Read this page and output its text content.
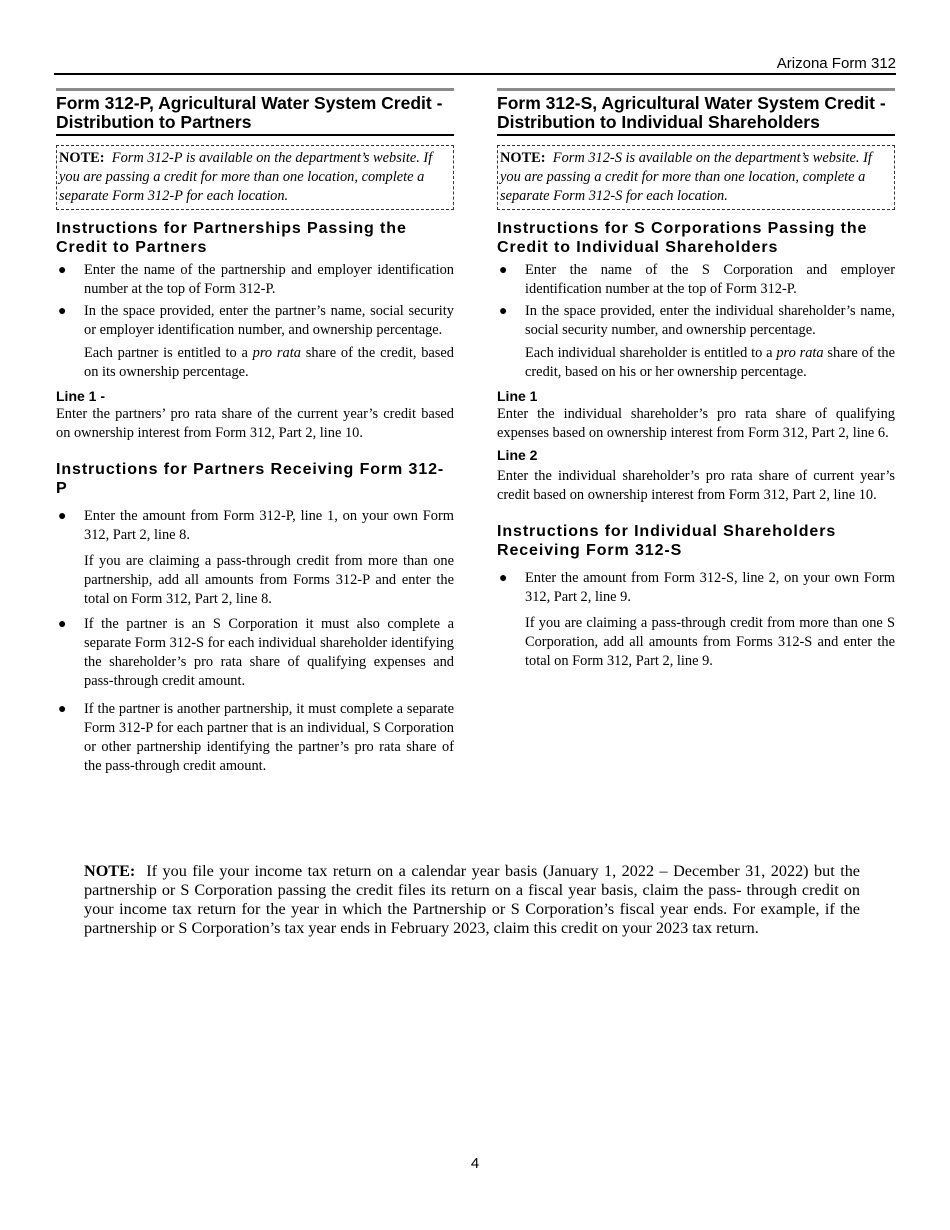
Arizona Form 312
Form 312-P, Agricultural Water System Credit - Distribution to Partners
NOTE: Form 312-P is available on the department’s website. If you are passing a credit for more than one location, complete a separate Form 312-P for each location.
Instructions for Partnerships Passing the Credit to Partners
● Enter the name of the partnership and employer identification number at the top of Form 312-P.
● In the space provided, enter the partner’s name, social security or employer identification number, and ownership percentage.

Each partner is entitled to a pro rata share of the credit, based on its ownership percentage.

Line 1 -

Enter the partners’ pro rata share of the current year’s credit based on ownership interest from Form 312, Part 2, line 10.

Instructions for Partners Receiving Form 312-P
● Enter the amount from Form 312-P, line 1, on your own Form 312, Part 2, line 8.

If you are claiming a pass-through credit from more than one partnership, add all amounts from Forms 312-P and enter the total on Form 312, Part 2, line 8.

● If the partner is an S Corporation it must also complete a separate Form 312-S for each individual shareholder identifying the shareholder’s pro rata share of qualifying expenses and pass-through credit amount.
● If the partner is another partnership, it must complete a separate Form 312-P for each partner that is an individual, S Corporation or other partnership identifying the partner’s pro rata share of the pass-through credit amount.
Form 312-S, Agricultural Water System Credit - Distribution to Individual Shareholders
NOTE: Form 312-S is available on the department’s website. If you are passing a credit for more than one location, complete a separate Form 312-S for each location.
Instructions for S Corporations Passing the Credit to Individual Shareholders
● Enter the name of the S Corporation and employer identification number at the top of Form 312-P.
● In the space provided, enter the individual shareholder’s name, social security number, and ownership percentage.

Each individual shareholder is entitled to a pro rata share of the credit, based on his or her ownership percentage.

Line 1

Enter the individual shareholder’s pro rata share of qualifying expenses based on ownership interest from Form 312, Part 2, line 6.

Line 2

Enter the individual shareholder’s pro rata share of current year’s credit based on ownership interest from Form 312, Part 2, line 10.

Instructions for Individual Shareholders Receiving Form 312-S
● Enter the amount from Form 312-S, line 2, on your own Form 312, Part 2, line 9.

If you are claiming a pass-through credit from more than one S Corporation, add all amounts from Forms 312-S and enter the total on Form 312, Part 2, line 9.

NOTE: If you file your income tax return on a calendar year basis (January 1, 2022 – December 31, 2022) but the partnership or S Corporation passing the credit files its return on a fiscal year basis, claim the pass- through credit on your income tax return for the year in which the Partnership or S Corporation’s fiscal year ends. For example, if the partnership or S Corporation’s tax year ends in February 2023, claim this credit on your 2023 tax return.
4
